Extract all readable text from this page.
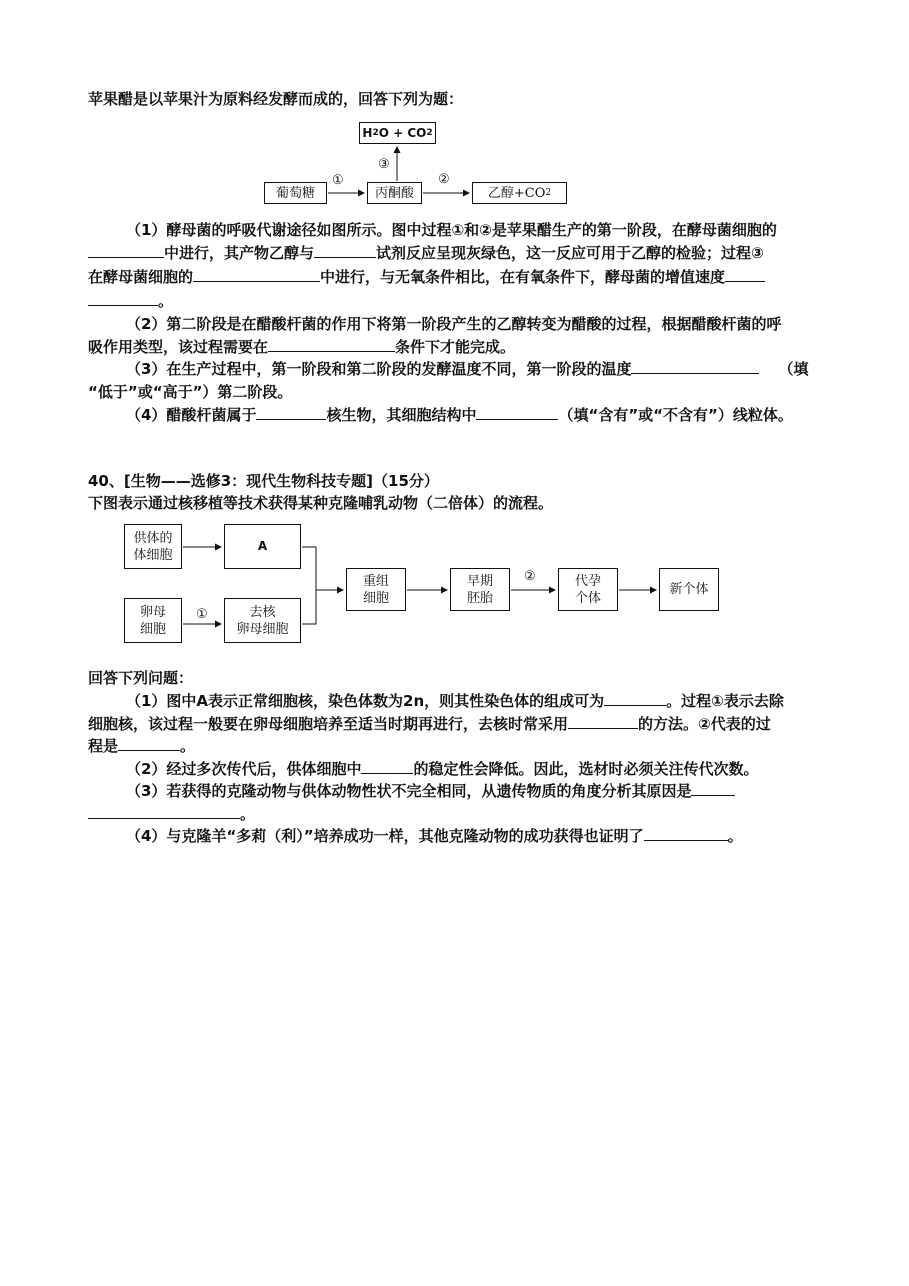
苹果醋是以苹果汁为原料经发酵而成的，回答下列为题：
H 2 O + CO 2
葡萄糖	丙酮酸	乙醇+CO 2
①	②
③
（1）酵母菌的呼吸代谢途径如图所示。图中过程①和②是苹果醋生产的第一阶段，在酵母菌细胞的
中进行，其产物乙醇与	试剂反应呈现灰绿色，这一反应可用于乙醇的检验；过程③
在酵母菌细胞的	中进行，与无氧条件相比，在有氧条件下，酵母菌的增值速度
。
（2）第二阶段是在醋酸杆菌的作用下将第一阶段产生的乙醇转变为醋酸的过程，根据醋酸杆菌的呼
吸作用类型，该过程需要在	条件下才能完成。
（3）在生产过程中，第一阶段和第二阶段的发酵温度不同，第一阶段的温度	（填
“低于”或“高于”）第二阶段。
（4）醋酸杆菌属于	核生物，其细胞结构中	（填“含有”或“不含有”）线粒体。
40、[生物——选修3：现代生物科技专题]（15分）
下图表示通过核移植等技术获得某种克隆哺乳动物（二倍体）的流程。
供体的
体细胞
A
卵母
细胞
去核
卵母细胞
重组
细胞
早期
胚胎
代孕
个体
新个体
①
②
回答下列问题：
（1）图中A表示正常细胞核，染色体数为2n，则其性染色体的组成可为	。过程①表示去除
细胞核，该过程一般要在卵母细胞培养至适当时期再进行，去核时常采用	的方法。②代表的过
程是	。
（2）经过多次传代后，供体细胞中	的稳定性会降低。因此，选材时必须关注传代次数。
（3）若获得的克隆动物与供体动物性状不完全相同，从遗传物质的角度分析其原因是
。
（4）与克隆羊“多莉（利）”培养成功一样，其他克隆动物的成功获得也证明了	。
